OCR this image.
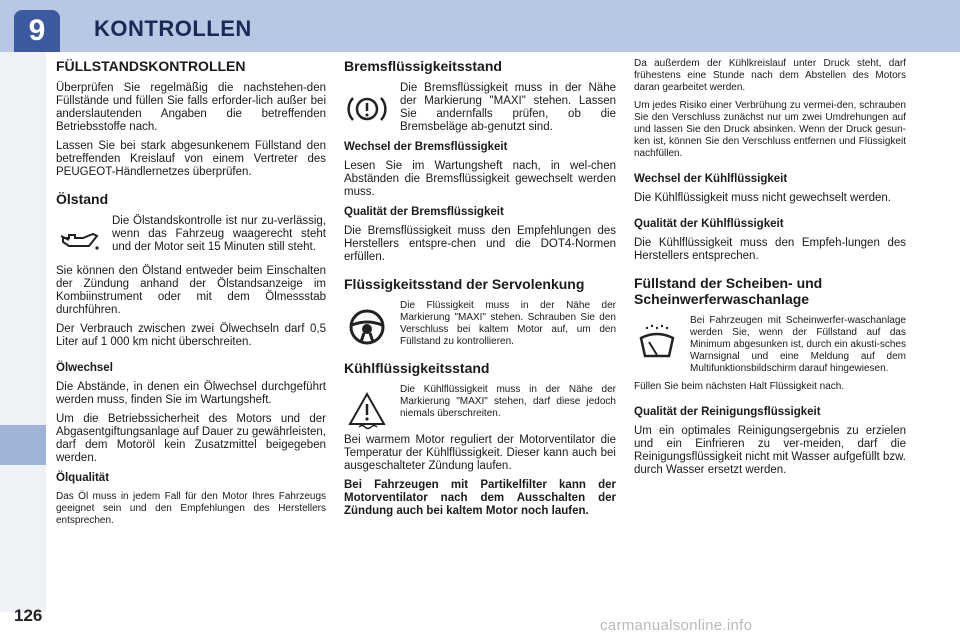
9	KONTROLLEN
FÜLLSTANDSKONTROLLEN

Überprüfen Sie regelmäßig die nachstehen-den Füllstände und füllen Sie falls erforder-lich außer bei anderslautenden Angaben die betreffenden Betriebsstoffe nach.

Lassen Sie bei stark abgesunkenem Füllstand den betreffenden Kreislauf von einem Vertreter des PEUGEOT-Händlernetzes überprüfen.

Ölstand

Die Ölstandskontrolle ist nur zu-verlässig, wenn das Fahrzeug waagerecht steht und der Motor seit 15 Minuten still steht.

Sie können den Ölstand entweder beim Einschalten der Zündung anhand der Ölstandsanzeige im Kombiinstrument oder mit dem Ölmessstab durchführen.

Der Verbrauch zwischen zwei Ölwechseln darf 0,5 Liter auf 1 000 km nicht überschreiten.

Ölwechsel

Die Abstände, in denen ein Ölwechsel durchgeführt werden muss, finden Sie im Wartungsheft.

Um die Betriebssicherheit des Motors und der Abgasentgiftungsanlage auf Dauer zu gewährleisten, darf dem Motoröl kein Zusatzmittel beigegeben werden.

Ölqualität

Das Öl muss in jedem Fall für den Motor Ihres Fahrzeugs geeignet sein und den Empfehlungen des Herstellers entsprechen.

Bremsflüssigkeitsstand

Die Bremsflüssigkeit muss in der Nähe der Markierung "MAXI" stehen. Lassen Sie andernfalls prüfen, ob die Bremsbeläge ab-genutzt sind.

Wechsel der Bremsflüssigkeit

Lesen Sie im Wartungsheft nach, in wel-chen Abständen die Bremsflüssigkeit gewechselt werden muss.

Qualität der Bremsflüssigkeit

Die Bremsflüssigkeit muss den Empfehlungen des Herstellers entspre-chen und die DOT4-Normen erfüllen.

Flüssigkeitsstand der Servolenkung

Die Flüssigkeit muss in der Nähe der Markierung "MAXI" stehen. Schrauben Sie den Verschluss bei kaltem Motor auf, um den Füllstand zu kontrollieren.

Kühlflüssigkeitsstand

Die Kühlflüssigkeit muss in der Nähe der Markierung "MAXI" stehen, darf diese jedoch niemals überschreiten.

Bei warmem Motor reguliert der Motorventilator die Temperatur der Kühlflüssigkeit. Dieser kann auch bei ausgeschalteter Zündung laufen.

Bei Fahrzeugen mit Partikelfilter kann der Motorventilator nach dem Ausschalten der Zündung auch bei kaltem Motor noch laufen.

Da außerdem der Kühlkreislauf unter Druck steht, darf frühestens eine Stunde nach dem Abstellen des Motors daran gearbeitet werden.

Um jedes Risiko einer Verbrühung zu vermei-den, schrauben Sie den Verschluss zunächst nur um zwei Umdrehungen auf und lassen Sie den Druck absinken. Wenn der Druck gesun-ken ist, können Sie den Verschluss entfernen und Flüssigkeit nachfüllen.

Wechsel der Kühlflüssigkeit

Die Kühlflüssigkeit muss nicht gewechselt werden.

Qualität der Kühlflüssigkeit

Die Kühlflüssigkeit muss den Empfeh-lungen des Herstellers entsprechen.

Füllstand der Scheiben- und Scheinwerferwaschanlage

Bei Fahrzeugen mit Scheinwerfer-waschanlage werden Sie, wenn der Füllstand auf das Minimum abgesunken ist, durch ein akusti-sches Warnsignal und eine Meldung auf dem Multifunktionsbildschirm darauf hingewiesen.

Füllen Sie beim nächsten Halt Flüssigkeit nach.

Qualität der Reinigungsflüssigkeit

Um ein optimales Reinigungsergebnis zu erzielen und ein Einfrieren zu ver-meiden, darf die Reinigungsflüssigkeit nicht mit Wasser aufgefüllt bzw. durch Wasser ersetzt werden.

126
carmanualsonline.info
